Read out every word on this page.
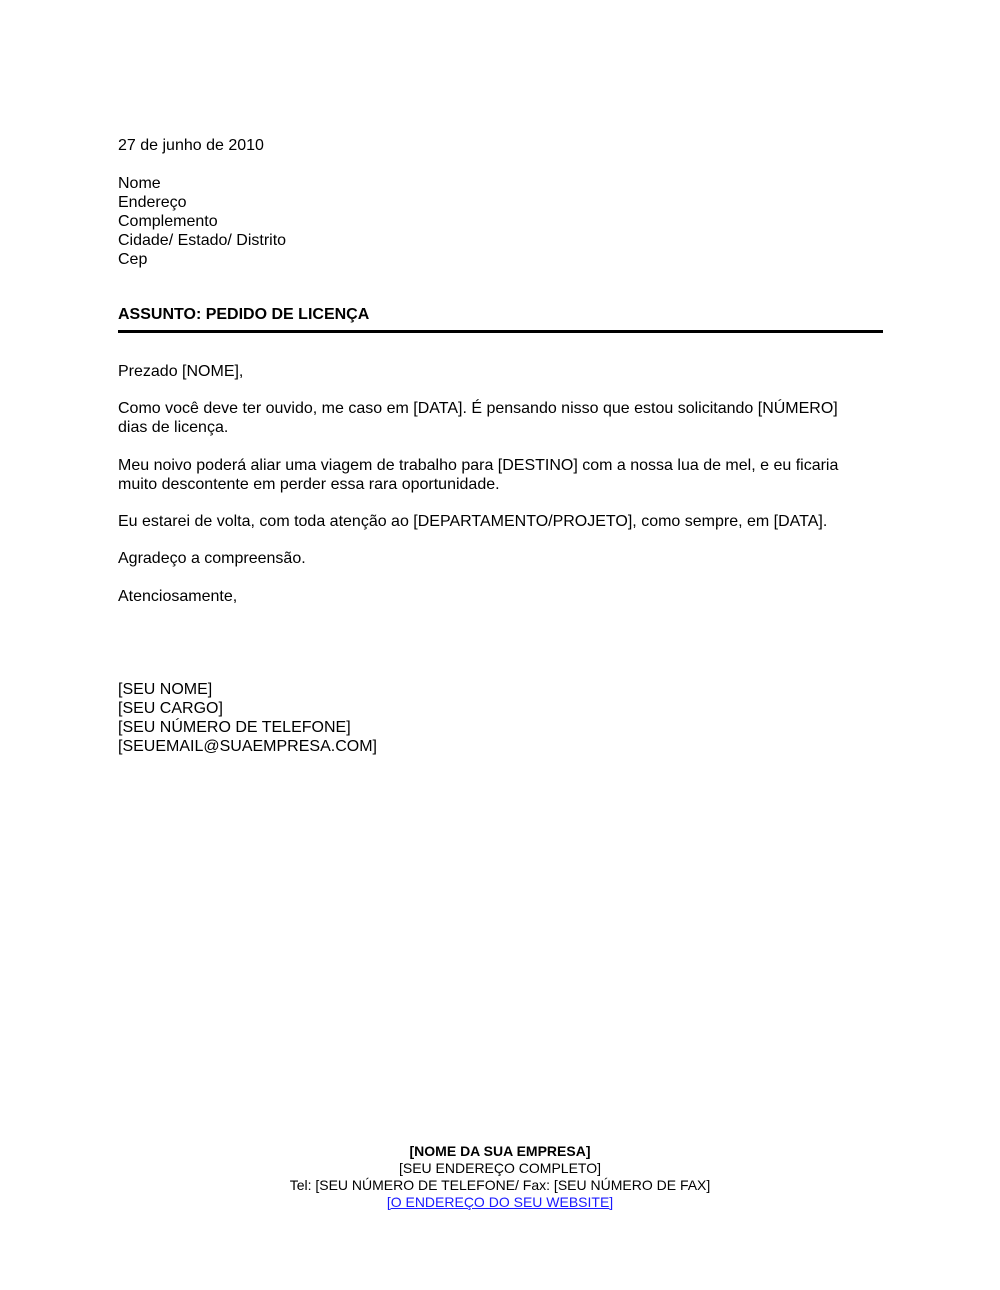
27 de junho de 2010
Nome
Endereço
Complemento
Cidade/ Estado/ Distrito
Cep
ASSUNTO: PEDIDO DE LICENÇA
Prezado [NOME],
Como você deve ter ouvido, me caso em [DATA]. É pensando nisso que estou solicitando [NÚMERO]
dias de licença.
Meu noivo poderá aliar uma viagem de trabalho para [DESTINO] com a nossa lua de mel, e eu ficaria
muito descontente em perder essa rara oportunidade.
Eu estarei de volta, com toda atenção ao [DEPARTAMENTO/PROJETO], como sempre, em [DATA].
Agradeço a compreensão.
Atenciosamente,
[SEU NOME]
[SEU CARGO]
[SEU NÚMERO DE TELEFONE]
[SEUEMAIL@SUAEMPRESA.COM]
[NOME DA SUA EMPRESA]
[SEU ENDEREÇO COMPLETO]
Tel: [SEU NÚMERO DE TELEFONE/ Fax: [SEU NÚMERO DE FAX]
[O ENDEREÇO DO SEU WEBSITE]
